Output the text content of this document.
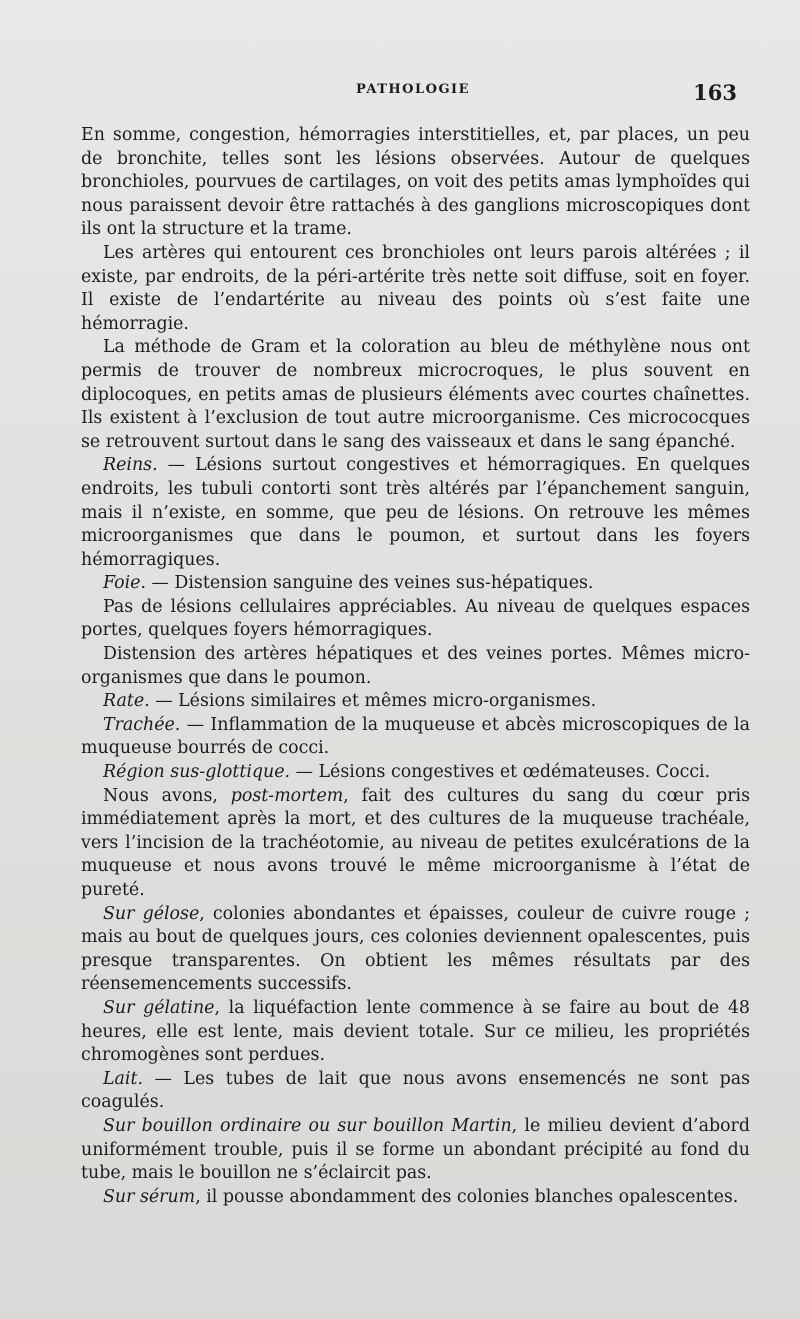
PATHOLOGIE	163

En somme, congestion, hémorragies interstitielles, et, par places, un peu de bronchite, telles sont les lésions observées. Autour de quelques bronchioles, pourvues de cartilages, on voit des petits amas lymphoïdes qui nous paraissent devoir être rattachés à des ganglions microscopiques dont ils ont la structure et la trame.

Les artères qui entourent ces bronchioles ont leurs parois altérées ; il existe, par endroits, de la péri-artérite très nette soit diffuse, soit en foyer. Il existe de l’endartérite au niveau des points où s’est faite une hémorragie.

La méthode de Gram et la coloration au bleu de méthylène nous ont permis de trouver de nombreux microcroques, le plus souvent en diplocoques, en petits amas de plusieurs éléments avec courtes chaînettes. Ils existent à l’exclusion de tout autre microorganisme. Ces micrococques se retrouvent surtout dans le sang des vaisseaux et dans le sang épanché.

Reins. — Lésions surtout congestives et hémorragiques. En quelques endroits, les tubuli contorti sont très altérés par l’épanchement sanguin, mais il n’existe, en somme, que peu de lésions. On retrouve les mêmes microorganismes que dans le poumon, et surtout dans les foyers hémorragiques.

Foie. — Distension sanguine des veines sus-hépatiques.

Pas de lésions cellulaires appréciables. Au niveau de quelques espaces portes, quelques foyers hémorragiques.

Distension des artères hépatiques et des veines portes. Mêmes micro-organismes que dans le poumon.

Rate. — Lésions similaires et mêmes micro-organismes.

Trachée. — Inflammation de la muqueuse et abcès microscopiques de la muqueuse bourrés de cocci.

Région sus-glottique. — Lésions congestives et œdémateuses. Cocci.

Nous avons, post-mortem, fait des cultures du sang du cœur pris immédiatement après la mort, et des cultures de la muqueuse trachéale, vers l’incision de la trachéotomie, au niveau de petites exulcérations de la muqueuse et nous avons trouvé le même microorganisme à l’état de pureté.

Sur gélose, colonies abondantes et épaisses, couleur de cuivre rouge ; mais au bout de quelques jours, ces colonies deviennent opalescentes, puis presque transparentes. On obtient les mêmes résultats par des réensemencements successifs.

Sur gélatine, la liquéfaction lente commence à se faire au bout de 48 heures, elle est lente, mais devient totale. Sur ce milieu, les propriétés chromogènes sont perdues.

Lait. — Les tubes de lait que nous avons ensemencés ne sont pas coagulés.

Sur bouillon ordinaire ou sur bouillon Martin, le milieu devient d’abord uniformément trouble, puis il se forme un abondant précipité au fond du tube, mais le bouillon ne s’éclaircit pas.

Sur sérum, il pousse abondamment des colonies blanches opalescentes.
